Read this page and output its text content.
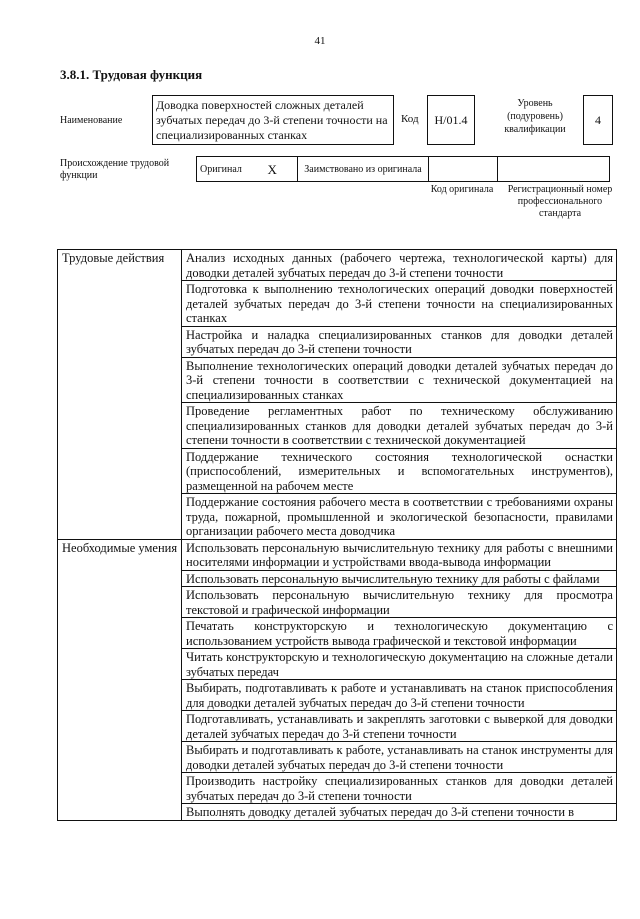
41
3.8.1. Трудовая функция
Наименование
Доводка поверхностей сложных деталей зубчатых передач до 3-й степени точности на специализированных станках
Код H/01.4
Уровень (подуровень) квалификации
4
Происхождение трудовой функции
Оригинал	X	Заимствовано из оригинала		
Код оригинала	Регистрационный номер профессионального стандарта
Трудовые действия	Анализ исходных данных (рабочего чертежа, технологической карты) для доводки деталей зубчатых передач до 3-й степени точности
	Подготовка к выполнению технологических операций доводки поверхностей деталей зубчатых передач до 3-й степени точности на специализированных станках
	Настройка и наладка специализированных станков для доводки деталей зубчатых передач до 3-й степени точности
	Выполнение технологических операций доводки деталей зубчатых передач до 3-й степени точности в соответствии с технической документацией на специализированных станках
	Проведение регламентных работ по техническому обслуживанию специализированных станков для доводки деталей зубчатых передач до 3-й степени точности в соответствии с технической документацией
	Поддержание технического состояния технологической оснастки (приспособлений, измерительных и вспомогательных инструментов), размещенной на рабочем месте
	Поддержание состояния рабочего места в соответствии с требованиями охраны труда, пожарной, промышленной и экологической безопасности, правилами организации рабочего места доводчика
Необходимые умения	Использовать персональную вычислительную технику для работы с внешними носителями информации и устройствами ввода-вывода информации
	Использовать персональную вычислительную технику для работы с файлами
	Использовать персональную вычислительную технику для просмотра текстовой и графической информации
	Печатать конструкторскую и технологическую документацию с использованием устройств вывода графической и текстовой информации
	Читать конструкторскую и технологическую документацию на сложные детали зубчатых передач
	Выбирать, подготавливать к работе и устанавливать на станок приспособления для доводки деталей зубчатых передач до 3-й степени точности
	Подготавливать, устанавливать и закреплять заготовки с выверкой для доводки деталей зубчатых передач до 3-й степени точности
	Выбирать и подготавливать к работе, устанавливать на станок инструменты для доводки деталей зубчатых передач до 3-й степени точности
	Производить настройку специализированных станков для доводки деталей зубчатых передач до 3-й степени точности
	Выполнять доводку деталей зубчатых передач до 3-й степени точности в
